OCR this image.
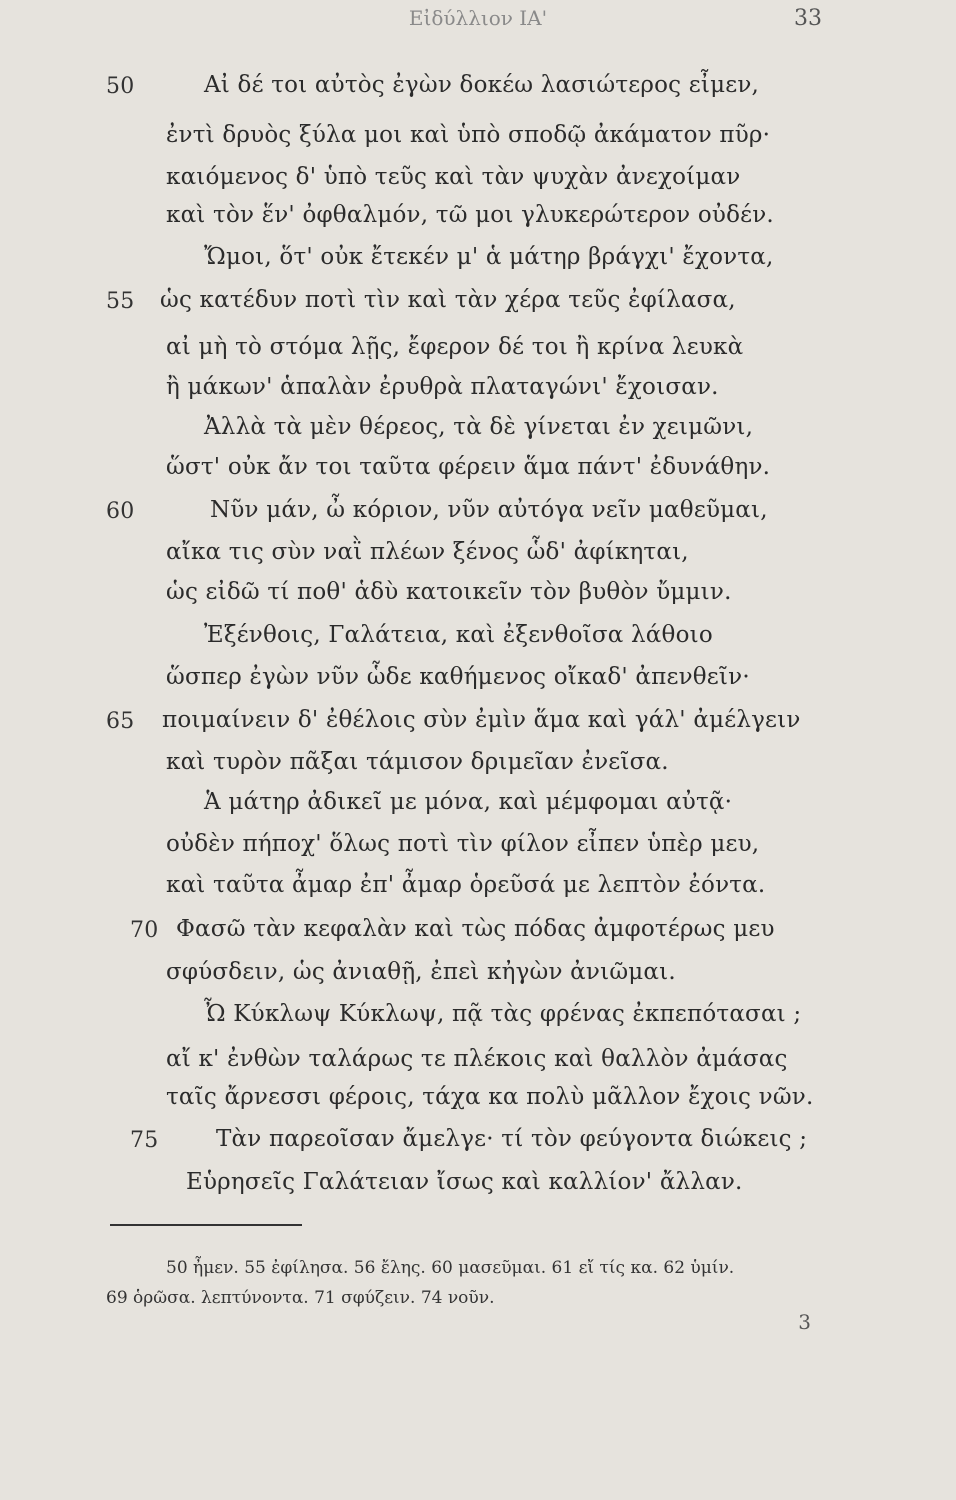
Εἰδύλλιον ΙΑ'	33
50	Αἰ δέ τοι αὐτὸς ἐγὼν δοκέω λασιώτερος εἶμεν,
ἐντὶ δρυὸς ξύλα μοι καὶ ὑπὸ σποδῷ ἀκάματον πῦρ·
καιόμενος δ' ὑπὸ τεῦς καὶ τὰν ψυχὰν ἀνεχοίμαν
καὶ τὸν ἕν' ὀφθαλμόν, τῶ μοι γλυκερώτερον οὐδέν.
Ὤμοι, ὅτ' οὐκ ἔτεκέν μ' ἁ μάτηρ βράγχι' ἔχοντα,
55 ὡς κατέδυν ποτὶ τὶν καὶ τὰν χέρα τεῦς ἐφίλασα,
αἰ μὴ τὸ στόμα λῇς, ἔφερον δέ τοι ἢ κρίνα λευκὰ
ἢ μάκων' ἁπαλὰν ἐρυθρὰ πλαταγώνι' ἔχοισαν.
Ἀλλὰ τὰ μὲν θέρεος, τὰ δὲ γίνεται ἐν χειμῶνι,
ὥστ' οὐκ ἄν τοι ταῦτα φέρειν ἅμα πάντ' ἐδυνάθην.
60	Νῦν μάν, ὦ κόριον, νῦν αὐτόγα νεῖν μαθεῦμαι,
αἴκα τις σὺν ναῒ πλέων ξένος ὧδ' ἀφίκηται,
ὡς εἰδῶ τί ποθ' ἁδὺ κατοικεῖν τὸν βυθὸν ὔμμιν.
Ἐξένθοις, Γαλάτεια, καὶ ἐξενθοῖσα λάθοιο
ὥσπερ ἐγὼν νῦν ὧδε καθήμενος οἴκαδ' ἀπενθεῖν·
65 ποιμαίνειν δ' ἐθέλοις σὺν ἐμὶν ἅμα καὶ γάλ' ἀμέλγειν
καὶ τυρὸν πᾶξαι τάμισον δριμεῖαν ἐνεῖσα.
Ἁ μάτηρ ἀδικεῖ με μόνα, καὶ μέμφομαι αὐτᾷ·
οὐδὲν πήποχ' ὅλως ποτὶ τὶν φίλον εἶπεν ὑπὲρ μευ,
καὶ ταῦτα ἆμαρ ἐπ' ἆμαρ ὁρεῦσά με λεπτὸν ἐόντα.
70 Φασῶ τὰν κεφαλὰν καὶ τὼς πόδας ἀμφοτέρως μευ
σφύσδειν, ὡς ἀνιαθῇ, ἐπεὶ κἠγὼν ἀνιῶμαι.
Ὦ Κύκλωψ Κύκλωψ, πᾷ τὰς φρένας ἐκπεπότασαι ;
αἴ κ' ἐνθὼν ταλάρως τε πλέκοις καὶ θαλλὸν ἀμάσας
ταῖς ἄρνεσσι φέροις, τάχα κα πολὺ μᾶλλον ἔχοις νῶν.
75	Τὰν παρεοῖσαν ἄμελγε· τί τὸν φεύγοντα διώκεις ;
Εὑρησεῖς Γαλάτειαν ἴσως καὶ καλλίον' ἄλλαν.
50 ἦμεν. 55 ἐφίλησα. 56 ἔλης. 60 μασεῦμαι. 61 εἴ τίς κα. 62 ὑμίν.
69 ὁρῶσα. λεπτύνοντα. 71 σφύζειν. 74 νοῦν.
3
